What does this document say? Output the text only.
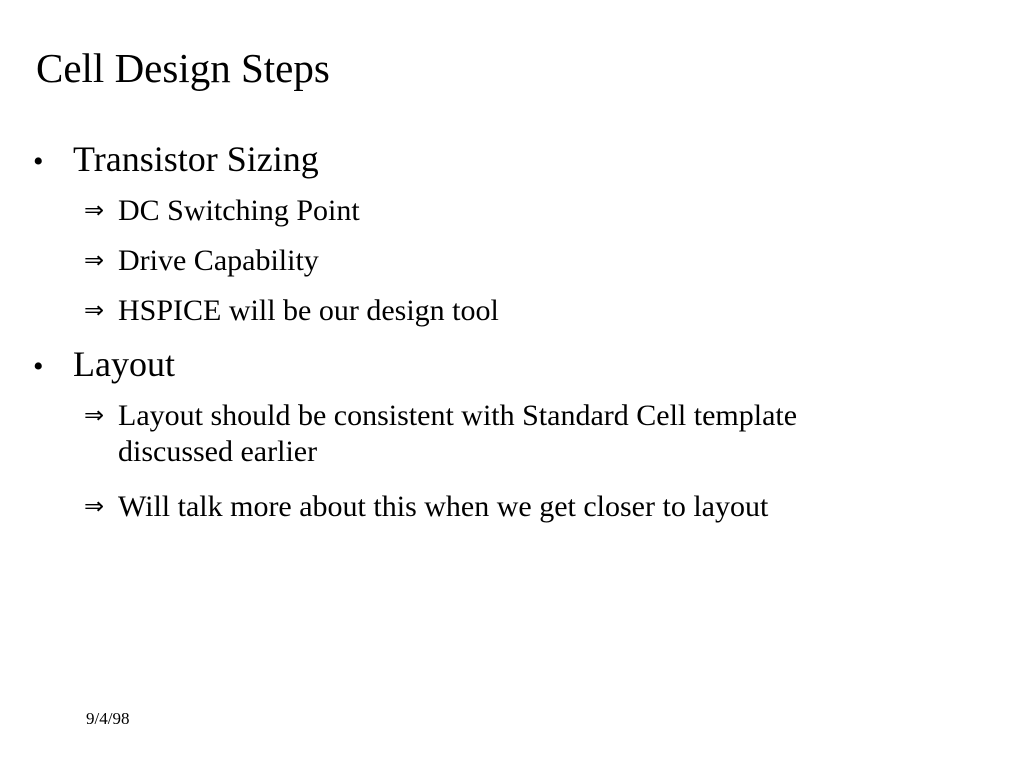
Cell Design Steps
• Transistor Sizing
⇒ DC Switching Point
⇒ Drive Capability
⇒ HSPICE will be our design tool
• Layout
⇒ Layout should be consistent with Standard Cell template
discussed earlier
⇒ Will talk more about this when we get closer to layout
9/4/98
